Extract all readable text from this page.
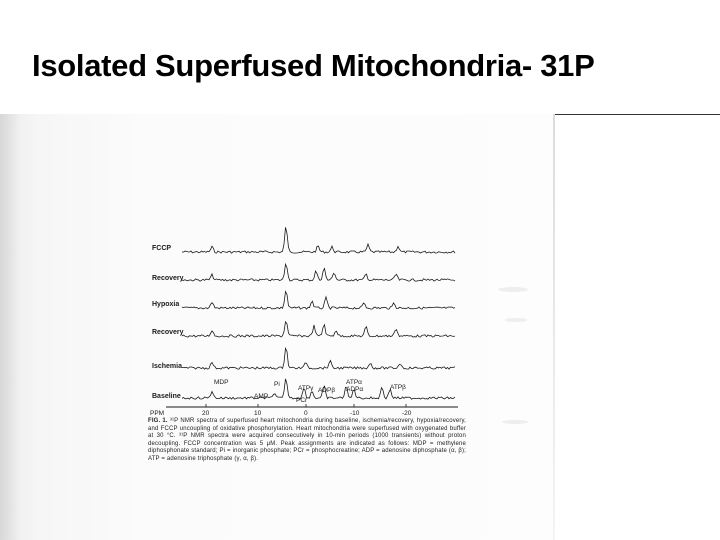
Isolated Superfused Mitochondria- 31P
FCCP
Recovery
Hypoxia
Recovery
Ischemia
Baseline
MDP	Pi
AMP
ATPγ ADPβ
PCr
ATPα
ADPα	ATPβ
PPM	20	10	0	-10	-20

FIG. 1. ³¹P NMR spectra of superfused heart mitochondria during baseline, ischemia/recovery, hypoxia/recovery, and FCCP uncoupling of oxidative phosphorylation. Heart mitochondria were superfused with oxygenated buffer at 30 °C. ³¹P NMR spectra were acquired consecutively in 10-min periods (1000 transients) without proton decoupling. FCCP concentration was 5 μM. Peak assignments are indicated as follows: MDP = methylene diphosphonate standard; Pi = inorganic phosphate; PCr = phosphocreatine; ADP = adenosine diphosphate (α, β); ATP = adenosine triphosphate (γ, α, β).
